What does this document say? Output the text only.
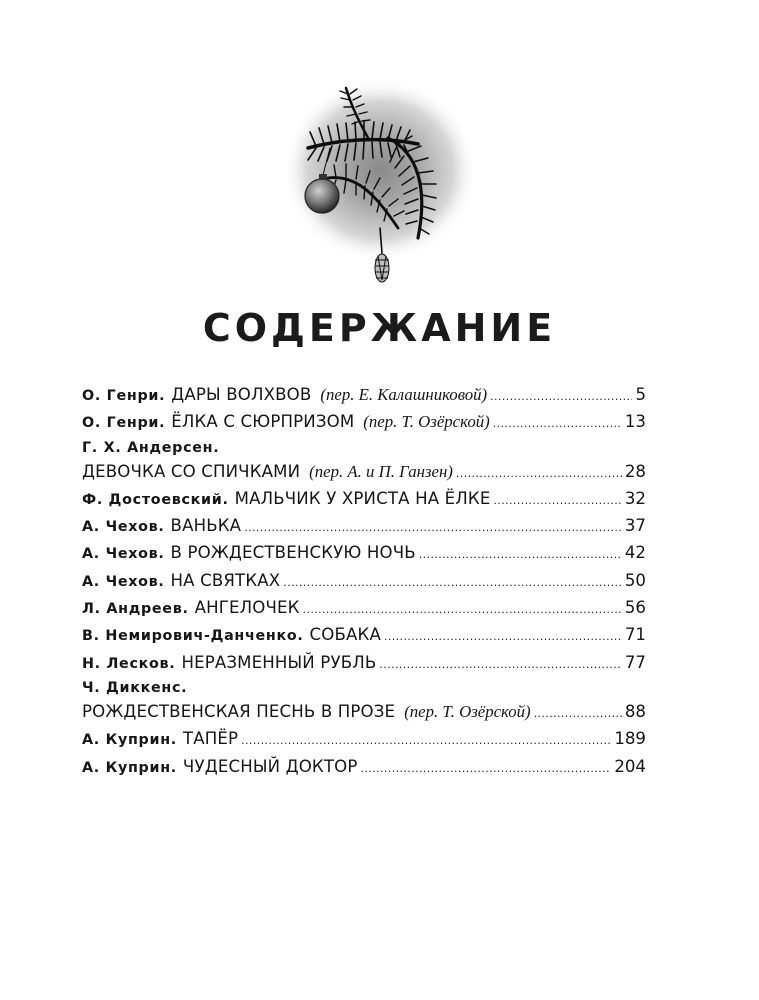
СОДЕРЖАНИЕ
О. Генри. ДАРЫ ВОЛХВОВ (пер. Е. Калашниковой) .....	5
О. Генри. ЁЛКА С СЮРПРИЗОМ (пер. Т. Озёрской) .....	13
Г. Х. Андерсен.
ДЕВОЧКА СО СПИЧКАМИ (пер. А. и П. Ганзен) .....	28
Ф. Достоевский. МАЛЬЧИК У ХРИСТА НА ЁЛКЕ .....	32
А. Чехов. ВАНЬКА .....	37
А. Чехов. В РОЖДЕСТВЕНСКУЮ НОЧЬ .....	42
А. Чехов. НА СВЯТКАХ .....	50
Л. Андреев. АНГЕЛОЧЕК .....	56
В. Немирович-Данченко. СОБАКА .....	71
Н. Лесков. НЕРАЗМЕННЫЙ РУБЛЬ .....	77
Ч. Диккенс.
РОЖДЕСТВЕНСКАЯ ПЕСНЬ В ПРОЗЕ (пер. Т. Озёрской) .....	88
А. Куприн. ТАПЁР .....	189
А. Куприн. ЧУДЕСНЫЙ ДОКТОР .....	204
